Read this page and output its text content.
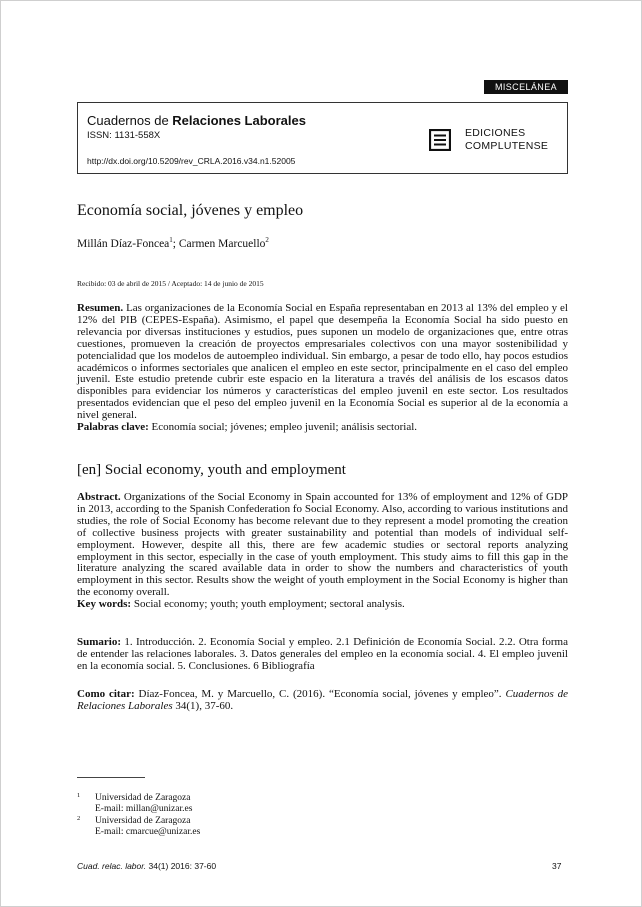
MISCELÁNEA
Cuadernos de Relaciones Laborales
ISSN: 1131-558X
http://dx.doi.org/10.5209/rev_CRLA.2016.v34.n1.52005
EDICIONES
COMPLUTENSE
Economía social, jóvenes y empleo
Millán Díaz-Foncea$^1$; Carmen Marcuello$^2$
Recibido: 03 de abril de 2015 / Aceptado: 14 de junio de 2015
Resumen. Las organizaciones de la Economía Social en España representaban en 2013 al 13% del empleo y el 12% del PIB (CEPES-España). Asimismo, el papel que desempeña la Economía Social ha sido puesto en relevancia por diversas instituciones y estudios, pues suponen un modelo de organizaciones que, entre otras cuestiones, promueven la creación de proyectos empresariales colectivos con una mayor sostenibilidad y potencialidad que los modelos de autoempleo individual. Sin embargo, a pesar de todo ello, hay pocos estudios académicos o informes sectoriales que analicen el empleo en este sector, principalmente en el caso del empleo juvenil. Este estudio pretende cubrir este espacio en la literatura a través del análisis de los escasos datos disponibles para evidenciar los números y características del empleo juvenil en este sector. Los resultados presentados evidencian que el peso del empleo juvenil en la Economía Social es superior al de la economía a nivel general.
Palabras clave: Economía social; jóvenes; empleo juvenil; análisis sectorial.
[en] Social economy, youth and employment
Abstract. Organizations of the Social Economy in Spain accounted for 13% of employment and 12% of GDP in 2013, according to the Spanish Confederation fo Social Economy. Also, according to various institutions and studies, the role of Social Economy has become relevant due to they represent a model promoting the creation of collective business projects with greater sustainability and potential than models of individual self-employment. However, despite all this, there are few academic studies or sectoral reports analyzing employment in this sector, especially in the case of youth employment. This study aims to fill this gap in the literature analyzing the scared available data in order to show the numbers and characteristics of youth employment in this sector. Results show the weight of youth employment in the Social Economy is higher than the economy overall.
Key words: Social economy; youth; youth employment; sectoral analysis.
Sumario: 1. Introducción. 2. Economía Social y empleo. 2.1 Definición de Economía Social. 2.2. Otra forma de entender las relaciones laborales. 3. Datos generales del empleo en la economía social. 4. El empleo juvenil en la economía social. 5. Conclusiones. 6 Bibliografía
Como citar: Díaz-Foncea, M. y Marcuello, C. (2016). “Economía social, jóvenes y empleo”. Cuadernos de Relaciones Laborales 34(1), 37-60.
1 Universidad de Zaragoza
E-mail: millan@unizar.es
2 Universidad de Zaragoza
E-mail: cmarcue@unizar.es
Cuad. relac. labor. 34(1) 2016: 37-60	37
